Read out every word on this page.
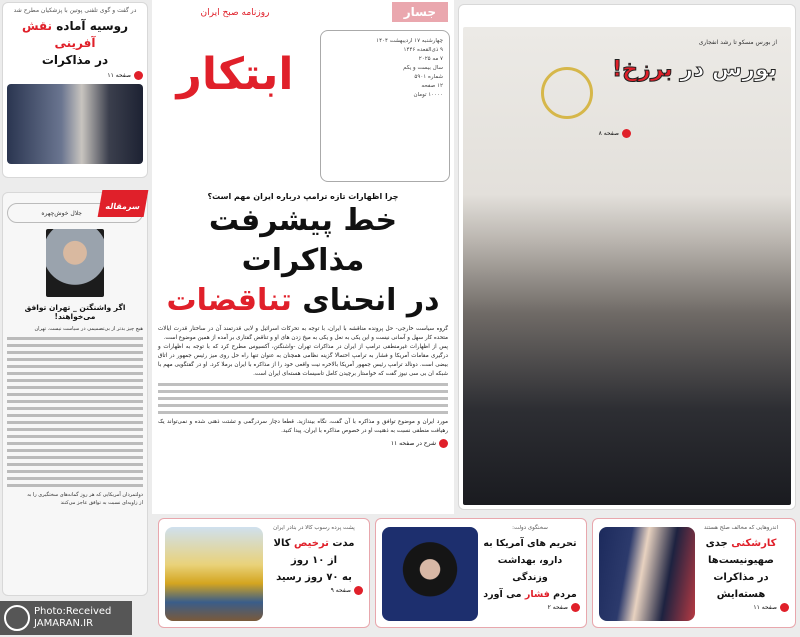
در گفت و گوی تلفنی پوتین با پزشکیان مطرح شد
روسیه آماده نقش آفرینی
در مذاکرات
صفحه ۱۱
جلال خوش‌چهره
سرمقاله
اگر واشنگتن _ تهران توافق می‌خواهند!
هیچ چیز بدتر از بی‌تصمیمی در سیاست نیست. تهران
دولتمردان آمریکایی که هر روز گمانه‌های سختگیری را به
از زاویه‌ای نسبت به توافق عاجز می‌کنند
Photo:Received
JAMARAN.IR
روزنامه صبح ایران
ابتکار
جسار
چهارشنبه ۱۷ اردیبهشت ۱۴۰۴
۹ ذی‌القعده ۱۴۴۶
۷ مه ۲۰۲۵
سال بیست و یکم
شماره ۵۹۰۱
۱۲ صفحه
۱۰۰۰۰ تومان
چرا اظهارات تازه ترامپ درباره ایران مهم است؟
خط پیشرفت مذاکرات
در انحنای تناقضات

گروه سیاست خارجی- حل پرونده مناقشه با ایران، با توجه به تحرکات اسرائیل و لابی قدرتمند آن در ساختار قدرت ایالات متحده کار سهل و آسانی نیست و این یکی به نعل و یکی به میخ زدن های او و تناقض گفتاری بر آمده از همین موضوع است.

پس از اظهارات غیرمنطقی ترامپ از ایران در مذاکرات تهران -واشنگتن، آکسیوس مطرح کرد که با توجه به اظهارات و درگیری مقامات آمریکا و فشار به ترامپ احتمالا گزینه نظامی همچنان به عنوان تنها راه حل روی میز رئیس جمهور در اتاق بیضی است. دونالد ترامپ رئیس جمهور آمریکا بالاخره نیت واقعی خود را از مذاکره با ایران برملا کرد. او در گفتگویی مهم با شبکه ان بی سی نیوز گفت که خواستار برچیدن کامل تاسیسات هسته‌ای ایران است.

مورد ایران و موضوع توافق و مذاکره با آن گفت، نگاه بیندازید. قطعا دچار سردرگمی و تشتت ذهنی شده و نمی‌تواند یک رهیافت منطقی نسبت به ذهنیت او در خصوص مذاکره با ایران، پیدا کنید.

شرح در صفحه ۱۱
از بورس مسکو تا رشد انفجاری
بورس در برزخ!
صفحه ۸
اندروهایی که مخالف صلح هستند
کارشکنی جدی
صهیونیست‌ها
در مذاکرات هسته‌ایش
صفحه ۱۱
سخنگوی دولت:
تحریم های آمریکا به
دارو، بهداشت وزندگی
مردم فشار می آورد
صفحه ۲
پشت پرده رسوب کالا در بنادر ایران
مدت ترخیص کالا
از ۱۰ روز
به ۷۰ روز رسید
صفحه ۹
